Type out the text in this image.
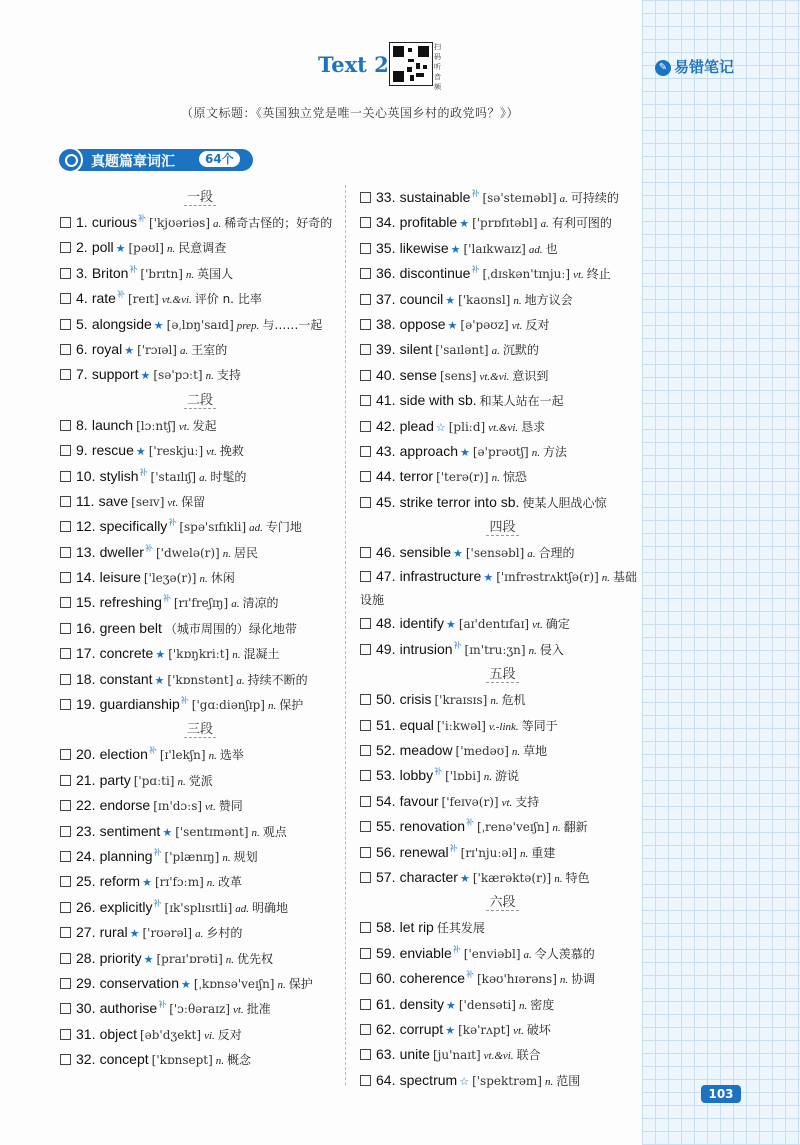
Text 2
扫码听音频
✎ 易错笔记
（原文标题：《英国独立党是唯一关心英国乡村的政党吗？》）
真题篇章词汇	64个
一段
1. curious$^补$ ['kjʊəriəs] a. 稀奇古怪的；好奇的
2. poll ★ [pəʊl] n. 民意调查
3. Briton$^补$ ['brɪtn] n. 英国人
4. rate$^补$ [reɪt] vt.&vi. 评价 n. 比率
5. alongside ★ [əˌlɒŋ'saɪd] prep. 与……一起
6. royal ★ ['rɔɪəl] a. 王室的
7. support ★ [sə'pɔːt] n. 支持
二段
8. launch [lɔːntʃ] vt. 发起
9. rescue ★ ['reskjuː] vt. 挽救
10. stylish$^补$ ['staɪlɪʃ] a. 时髦的
11. save [seɪv] vt. 保留
12. specifically$^补$ [spə'sɪfɪkli] ad. 专门地
13. dweller$^补$ ['dwelə(r)] n. 居民
14. leisure ['leʒə(r)] n. 休闲
15. refreshing$^补$ [rɪ'freʃɪŋ] a. 清凉的
16. green belt （城市周围的）绿化地带
17. concrete ★ ['kɒŋkriːt] n. 混凝土
18. constant ★ ['kɒnstənt] a. 持续不断的
19. guardianship$^补$ ['gɑːdiənʃɪp] n. 保护
三段
20. election$^补$ [ɪ'lekʃn] n. 选举
21. party ['pɑːti] n. 党派
22. endorse [ɪn'dɔːs] vt. 赞同
23. sentiment ★ ['sentɪmənt] n. 观点
24. planning$^补$ ['plænɪŋ] n. 规划
25. reform ★ [rɪ'fɔːm] n. 改革
26. explicitly$^补$ [ɪk'splɪsɪtli] ad. 明确地
27. rural ★ ['rʊərəl] a. 乡村的
28. priority ★ [praɪ'ɒrəti] n. 优先权
29. conservation ★ [ˌkɒnsə'veɪʃn] n. 保护
30. authorise$^补$ ['ɔːθəraɪz] vt. 批准
31. object [əb'dʒekt] vi. 反对
32. concept ['kɒnsept] n. 概念
33. sustainable$^补$ [sə'steɪnəbl] a. 可持续的
34. profitable ★ ['prɒfɪtəbl] a. 有利可图的
35. likewise ★ ['laɪkwaɪz] ad. 也
36. discontinue$^补$ [ˌdɪskən'tɪnjuː] vt. 终止
37. council ★ ['kaʊnsl] n. 地方议会
38. oppose ★ [ə'pəʊz] vt. 反对
39. silent ['saɪlənt] a. 沉默的
40. sense [sens] vt.&vi. 意识到
41. side with sb. 和某人站在一起
42. plead ☆ [pliːd] vt.&vi. 恳求
43. approach ★ [ə'prəʊtʃ] n. 方法
44. terror ['terə(r)] n. 惊恐
45. strike terror into sb. 使某人胆战心惊
四段
46. sensible ★ ['sensəbl] a. 合理的
47. infrastructure ★ ['ɪnfrəstrʌktʃə(r)] n. 基础设施
48. identify ★ [aɪ'dentɪfaɪ] vt. 确定
49. intrusion$^补$ [ɪn'truːʒn] n. 侵入
五段
50. crisis ['kraɪsɪs] n. 危机
51. equal ['iːkwəl] v.-link. 等同于
52. meadow ['medəʊ] n. 草地
53. lobby$^补$ ['lɒbi] n. 游说
54. favour ['feɪvə(r)] vt. 支持
55. renovation$^补$ [ˌrenə'veɪʃn] n. 翻新
56. renewal$^补$ [rɪ'njuːəl] n. 重建
57. character ★ ['kærəktə(r)] n. 特色
六段
58. let rip 任其发展
59. enviable$^补$ ['enviəbl] a. 令人羡慕的
60. coherence$^补$ [kəʊ'hɪərəns] n. 协调
61. density ★ ['densəti] n. 密度
62. corrupt ★ [kə'rʌpt] vt. 破坏
63. unite [ju'naɪt] vt.&vi. 联合
64. spectrum ☆ ['spektrəm] n. 范围
103
